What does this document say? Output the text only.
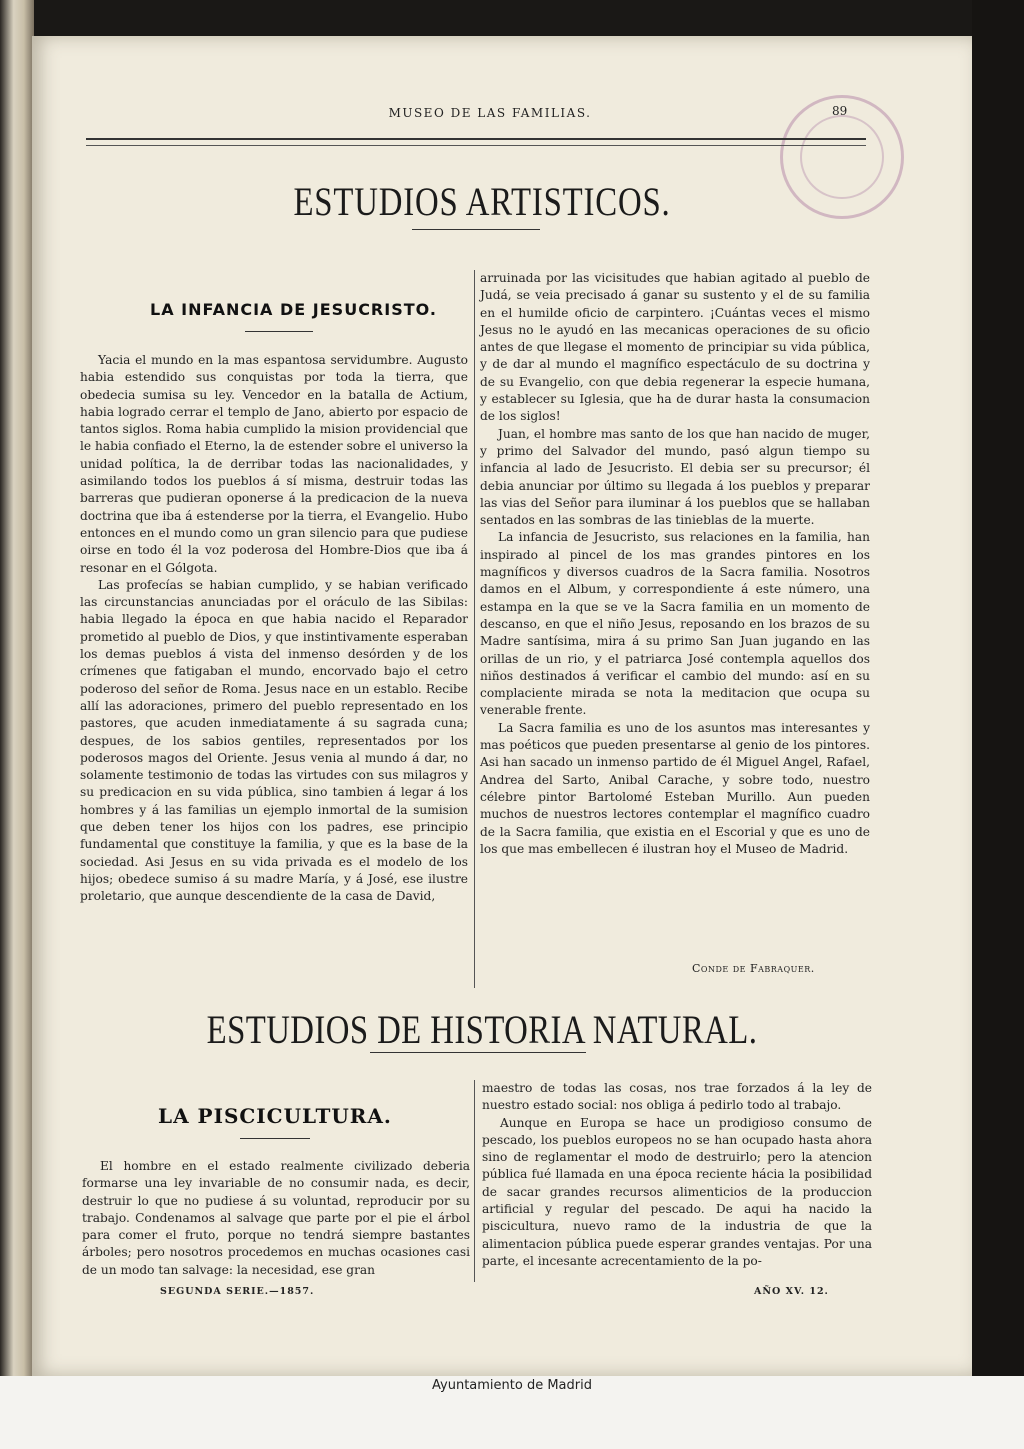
MUSEO DE LAS FAMILIAS.	89
ESTUDIOS ARTISTICOS.
LA INFANCIA DE JESUCRISTO.

Yacia el mundo en la mas espantosa servidumbre. Augusto habia estendido sus conquistas por toda la tierra, que obedecia sumisa su ley. Vencedor en la batalla de Actium, habia logrado cerrar el templo de Jano, abierto por espacio de tantos siglos. Roma habia cumplido la mision providencial que le habia confiado el Eterno, la de estender sobre el universo la unidad política, la de derribar todas las nacionalidades, y asimilando todos los pueblos á sí misma, destruir todas las barreras que pudieran oponerse á la predicacion de la nueva doctrina que iba á estenderse por la tierra, el Evangelio. Hubo entonces en el mundo como un gran silencio para que pudiese oirse en todo él la voz poderosa del Hombre-Dios que iba á resonar en el Gólgota.

Las profecías se habian cumplido, y se habian verificado las circunstancias anunciadas por el oráculo de las Sibilas: habia llegado la época en que habia nacido el Reparador prometido al pueblo de Dios, y que instintivamente esperaban los demas pueblos á vista del inmenso desórden y de los crímenes que fatigaban el mundo, encorvado bajo el cetro poderoso del señor de Roma. Jesus nace en un establo. Recibe allí las adoraciones, primero del pueblo representado en los pastores, que acuden inmediatamente á su sagrada cuna; despues, de los sabios gentiles, representados por los poderosos magos del Oriente. Jesus venia al mundo á dar, no solamente testimonio de todas las virtudes con sus milagros y su predicacion en su vida pública, sino tambien á legar á los hombres y á las familias un ejemplo inmortal de la sumision que deben tener los hijos con los padres, ese principio fundamental que constituye la familia, y que es la base de la sociedad. Asi Jesus en su vida privada es el modelo de los hijos; obedece sumiso á su madre María, y á José, ese ilustre proletario, que aunque descendiente de la casa de David,

arruinada por las vicisitudes que habian agitado al pueblo de Judá, se veia precisado á ganar su sustento y el de su familia en el humilde oficio de carpintero. ¡Cuántas veces el mismo Jesus no le ayudó en las mecanicas operaciones de su oficio antes de que llegase el momento de principiar su vida pública, y de dar al mundo el magnífico espectáculo de su doctrina y de su Evangelio, con que debia regenerar la especie humana, y establecer su Iglesia, que ha de durar hasta la consumacion de los siglos!

Juan, el hombre mas santo de los que han nacido de muger, y primo del Salvador del mundo, pasó algun tiempo su infancia al lado de Jesucristo. El debia ser su precursor; él debia anunciar por último su llegada á los pueblos y preparar las vias del Señor para iluminar á los pueblos que se hallaban sentados en las sombras de las tinieblas de la muerte.

La infancia de Jesucristo, sus relaciones en la familia, han inspirado al pincel de los mas grandes pintores en los magníficos y diversos cuadros de la Sacra familia. Nosotros damos en el Album, y correspondiente á este número, una estampa en la que se ve la Sacra familia en un momento de descanso, en que el niño Jesus, reposando en los brazos de su Madre santísima, mira á su primo San Juan jugando en las orillas de un rio, y el patriarca José contempla aquellos dos niños destinados á verificar el cambio del mundo: así en su complaciente mirada se nota la meditacion que ocupa su venerable frente.

La Sacra familia es uno de los asuntos mas interesantes y mas poéticos que pueden presentarse al genio de los pintores. Asi han sacado un inmenso partido de él Miguel Angel, Rafael, Andrea del Sarto, Anibal Carache, y sobre todo, nuestro célebre pintor Bartolomé Esteban Murillo. Aun pueden muchos de nuestros lectores contemplar el magnífico cuadro de la Sacra familia, que existia en el Escorial y que es uno de los que mas embellecen é ilustran hoy el Museo de Madrid.

Conde de Fabraquer.
ESTUDIOS DE HISTORIA NATURAL.
LA PISCICULTURA.

El hombre en el estado realmente civilizado deberia formarse una ley invariable de no consumir nada, es decir, destruir lo que no pudiese á su voluntad, reproducir por su trabajo. Condenamos al salvage que parte por el pie el árbol para comer el fruto, porque no tendrá siempre bastantes árboles; pero nosotros procedemos en muchas ocasiones casi de un modo tan salvage: la necesidad, ese gran

maestro de todas las cosas, nos trae forzados á la ley de nuestro estado social: nos obliga á pedirlo todo al trabajo.

Aunque en Europa se hace un prodigioso consumo de pescado, los pueblos europeos no se han ocupado hasta ahora sino de reglamentar el modo de destruirlo; pero la atencion pública fué llamada en una época reciente hácia la posibilidad de sacar grandes recursos alimenticios de la produccion artificial y regular del pescado. De aqui ha nacido la piscicultura, nuevo ramo de la industria de que la alimentacion pública puede esperar grandes ventajas. Por una parte, el incesante acrecentamiento de la po-

SEGUNDA SERIE.—1857.	AÑO XV. 12.
Ayuntamiento de Madrid
